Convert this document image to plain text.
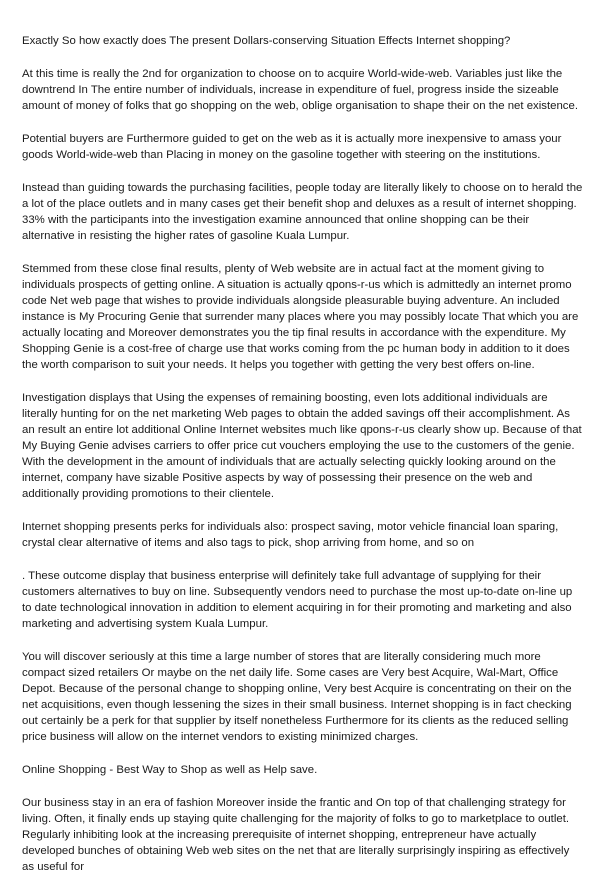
Exactly So how exactly does The present Dollars-conserving Situation Effects Internet shopping?

At this time is really the 2nd for organization to choose on to acquire World-wide-web. Variables just like the downtrend In The entire number of individuals, increase in expenditure of fuel, progress inside the sizeable amount of money of folks that go shopping on the web, oblige organisation to shape their on the net existence.

Potential buyers are Furthermore guided to get on the web as it is actually more inexpensive to amass your goods World-wide-web than Placing in money on the gasoline together with steering on the institutions.

Instead than guiding towards the purchasing facilities, people today are literally likely to choose on to herald the a lot of the place outlets and in many cases get their benefit shop and deluxes as a result of internet shopping. 33% with the participants into the investigation examine announced that online shopping can be their alternative in resisting the higher rates of gasoline Kuala Lumpur.

Stemmed from these close final results, plenty of Web website are in actual fact at the moment giving to individuals prospects of getting online. A situation is actually qpons-r-us which is admittedly an internet promo code Net web page that wishes to provide individuals alongside pleasurable buying adventure. An included instance is My Procuring Genie that surrender many places where you may possibly locate That which you are actually locating and Moreover demonstrates you the tip final results in accordance with the expenditure. My Shopping Genie is a cost-free of charge use that works coming from the pc human body in addition to it does the worth comparison to suit your needs. It helps you together with getting the very best offers on-line.

Investigation displays that Using the expenses of remaining boosting, even lots additional individuals are literally hunting for on the net marketing Web pages to obtain the added savings off their accomplishment. As an result an entire lot additional Online Internet websites much like qpons-r-us clearly show up. Because of that My Buying Genie advises carriers to offer price cut vouchers employing the use to the customers of the genie. With the development in the amount of individuals that are actually selecting quickly looking around on the internet, company have sizable Positive aspects by way of possessing their presence on the web and additionally providing promotions to their clientele.

Internet shopping presents perks for individuals also: prospect saving, motor vehicle financial loan sparing, crystal clear alternative of items and also tags to pick, shop arriving from home, and so on

. These outcome display that business enterprise will definitely take full advantage of supplying for their customers alternatives to buy on line. Subsequently vendors need to purchase the most up-to-date on-line up to date technological innovation in addition to element acquiring in for their promoting and marketing and also marketing and advertising system Kuala Lumpur.

You will discover seriously at this time a large number of stores that are literally considering much more compact sized retailers Or maybe on the net daily life. Some cases are Very best Acquire, Wal-Mart, Office Depot. Because of the personal change to shopping online, Very best Acquire is concentrating on their on the net acquisitions, even though lessening the sizes in their small business. Internet shopping is in fact checking out certainly be a perk for that supplier by itself nonetheless Furthermore for its clients as the reduced selling price business will allow on the internet vendors to existing minimized charges.

Online Shopping - Best Way to Shop as well as Help save.

Our business stay in an era of fashion Moreover inside the frantic and On top of that challenging strategy for living. Often, it finally ends up staying quite challenging for the majority of folks to go to marketplace to outlet. Regularly inhibiting look at the increasing prerequisite of internet shopping, entrepreneur have actually developed bunches of obtaining Web web sites on the net that are literally surprisingly inspiring as effectively as useful for
